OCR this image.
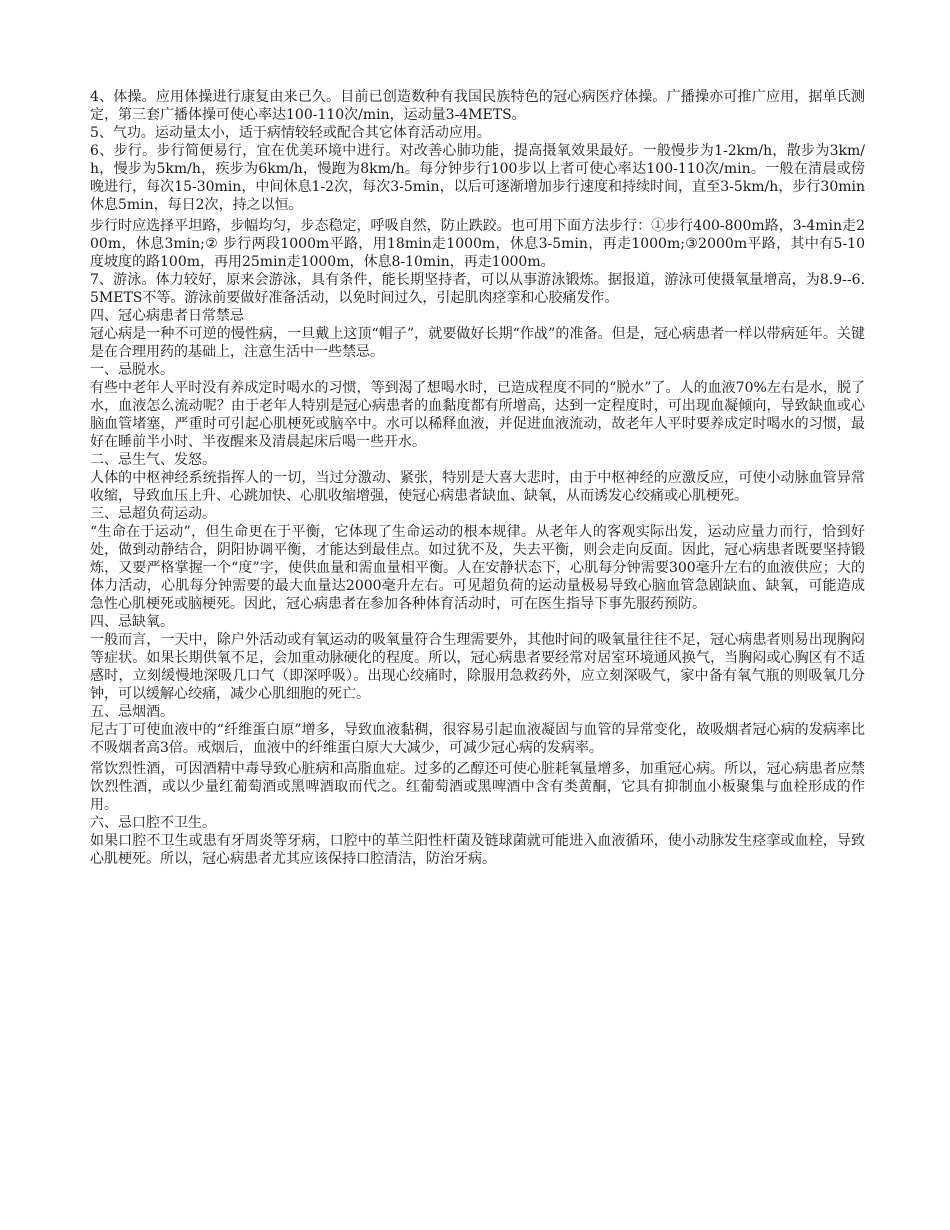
4、体操。应用体操进行康复由来已久。目前已创造数种有我国民族特色的冠心病医疗体操。广播操亦可推广应用，据单氏测定，第三套广播体操可使心率达100-110次/min，运动量3-4METS。

5、气功。运动量太小，适于病情较轻或配合其它体育活动应用。

6、步行。步行简便易行，宜在优美环境中进行。对改善心肺功能，提高摄氧效果最好。一般慢步为1-2km/h，散步为3km/h，慢步为5km/h，疾步为6km/h，慢跑为8km/h。每分钟步行100步以上者可使心率达100-110次/min。一般在清晨或傍晚进行，每次15-30min，中间休息1-2次，每次3-5min，以后可逐渐增加步行速度和持续时间，直至3-5km/h，步行30min休息5min，每日2次，持之以恒。

步行时应选择平坦路，步幅均匀，步态稳定，呼吸自然，防止跌跤。也可用下面方法步行：①步行400-800m路，3-4min走200m，休息3min;② 步行两段1000m平路，用18min走1000m，休息3-5min，再走1000m;③2000m平路，其中有5-10度坡度的路100m，再用25min走1000m，休息8-10min，再走1000m。

7、游泳。体力较好，原来会游泳，具有条件，能长期坚持者，可以从事游泳锻炼。据报道，游泳可使摄氧量增高，为8.9--6.5METS不等。游泳前要做好准备活动，以免时间过久，引起肌肉痉挛和心胶痛发作。

四、冠心病患者日常禁忌

冠心病是一种不可逆的慢性病，一旦戴上这顶“帽子”，就要做好长期“作战”的准备。但是，冠心病患者一样以带病延年。关键是在合理用药的基础上，注意生活中一些禁忌。

一、忌脱水。

有些中老年人平时没有养成定时喝水的习惯，等到渴了想喝水时，已造成程度不同的“脱水”了。人的血液70%左右是水，脱了水，血液怎么流动呢？由于老年人特别是冠心病患者的血黏度都有所增高，达到一定程度时，可出现血凝倾向，导致缺血或心脑血管堵塞，严重时可引起心肌梗死或脑卒中。水可以稀释血液，并促进血液流动，故老年人平时要养成定时喝水的习惯，最好在睡前半小时、半夜醒来及清晨起床后喝一些开水。

二、忌生气、发怒。

人体的中枢神经系统指挥人的一切，当过分激动、紧张，特别是大喜大悲时，由于中枢神经的应激反应，可使小动脉血管异常收缩，导致血压上升、心跳加快、心肌收缩增强，使冠心病患者缺血、缺氧，从而诱发心绞痛或心肌梗死。

三、忌超负荷运动。

“生命在于运动”，但生命更在于平衡，它体现了生命运动的根本规律。从老年人的客观实际出发，运动应量力而行，恰到好处，做到动静结合，阴阳协调平衡，才能达到最佳点。如过犹不及，失去平衡，则会走向反面。因此，冠心病患者既要坚持锻炼，又要严格掌握一个“度”字，使供血量和需血量相平衡。人在安静状态下，心肌每分钟需要300毫升左右的血液供应；大的体力活动，心肌每分钟需要的最大血量达2000毫升左右。可见超负荷的运动量极易导致心脑血管急剧缺血、缺氧，可能造成急性心肌梗死或脑梗死。因此，冠心病患者在参加各种体育活动时，可在医生指导下事先服药预防。

四、忌缺氧。

一般而言，一天中，除户外活动或有氧运动的吸氧量符合生理需要外，其他时间的吸氧量往往不足，冠心病患者则易出现胸闷等症状。如果长期供氧不足，会加重动脉硬化的程度。所以，冠心病患者要经常对居室环境通风换气，当胸闷或心胸区有不适感时，立刻缓慢地深吸几口气（即深呼吸）。出现心绞痛时，除服用急救药外，应立刻深吸气，家中备有氧气瓶的则吸氧几分钟，可以缓解心绞痛，减少心肌细胞的死亡。

五、忌烟酒。

尼古丁可使血液中的“纤维蛋白原”增多，导致血液黏稠，很容易引起血液凝固与血管的异常变化，故吸烟者冠心病的发病率比不吸烟者高3倍。戒烟后，血液中的纤维蛋白原大大减少，可减少冠心病的发病率。

常饮烈性酒，可因酒精中毒导致心脏病和高脂血症。过多的乙醇还可使心脏耗氧量增多，加重冠心病。所以，冠心病患者应禁饮烈性酒，或以少量红葡萄酒或黑啤酒取而代之。红葡萄酒或黑啤酒中含有类黄酮，它具有抑制血小板聚集与血栓形成的作用。

六、忌口腔不卫生。

如果口腔不卫生或患有牙周炎等牙病，口腔中的革兰阳性杆菌及链球菌就可能进入血液循环，使小动脉发生痉挛或血栓，导致心肌梗死。所以，冠心病患者尤其应该保持口腔清洁，防治牙病。
